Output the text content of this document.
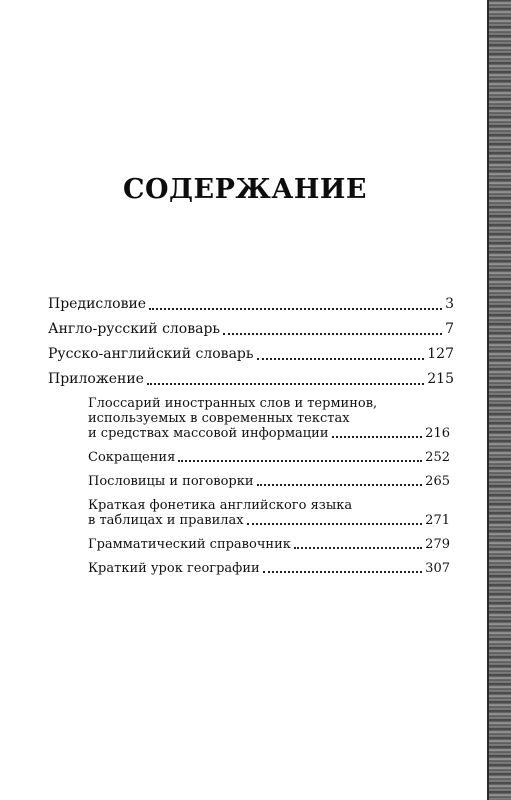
СОДЕРЖАНИЕ
Предисловие	3
Англо-русский словарь	7
Русско-английский словарь	127
Приложение	215
Глоссарий иностранных слов и терминов,
используемых в современных текстах
и средствах массовой информации	216
Сокращения	252
Пословицы и поговорки	265
Краткая фонетика английского языка
в таблицах и правилах	271
Грамматический справочник	279
Краткий урок географии	307
